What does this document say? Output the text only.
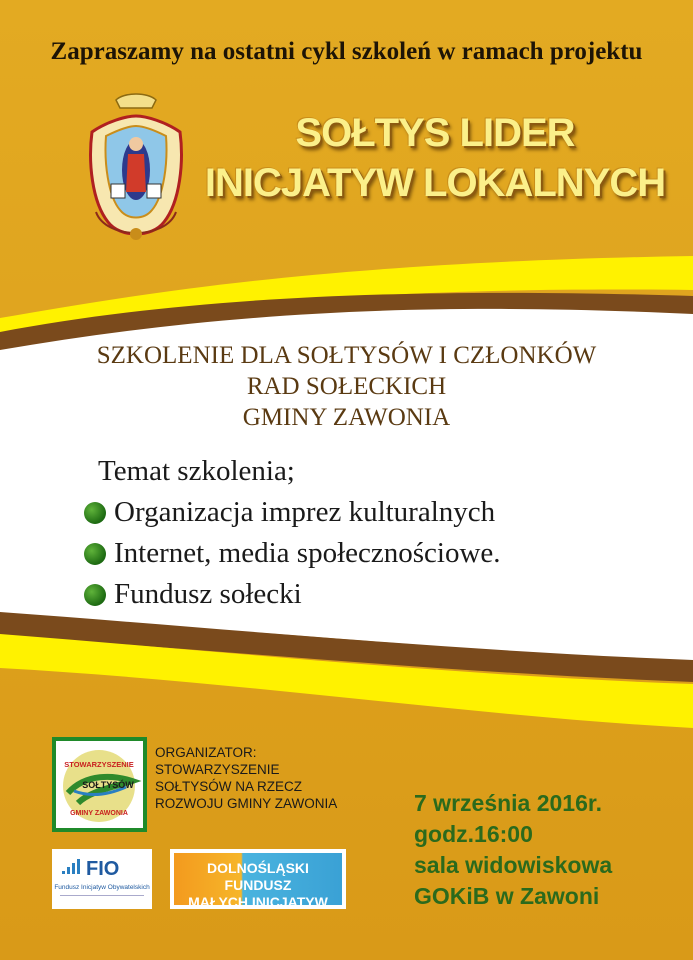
Zapraszamy na ostatni cykl szkoleń w ramach projektu
SOŁTYS LIDER
INICJATYW LOKALNYCH
SZKOLENIE DLA SOŁTYSÓW I CZŁONKÓW
RAD SOŁECKICH
GMINY ZAWONIA
Temat szkolenia;
Organizacja imprez kulturalnych
Internet, media społecznościowe.
Fundusz sołecki
STOWARZYSZENIE
SOŁTYSÓW
GMINY ZAWONIA
ORGANIZATOR:
STOWARZYSZENIE
SOŁTYSÓW NA RZECZ
ROZWOJU GMINY ZAWONIA	7 września 2016r.
godz.16:00
sala widowiskowa
GOKiB w Zawoni
FIO
Fundusz Inicjatyw Obywatelskich
DOLNOŚLĄSKI FUNDUSZ
MAŁYCH INICJATYW
